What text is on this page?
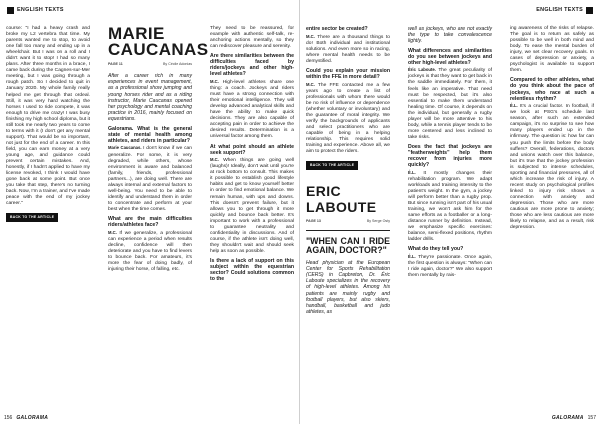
ENGLISH TEXTS

course: "I had a heavy crash and broke my L2 vertebra that time. My parents wanted me to stop, to avoid one fall too many and ending up in a wheelchair. But I was on a roll and I didn't want it to stop! I had so many plans. After three months in a brace, I came back during the Cagnes-sur-Mer meeting, but I was going through a rough patch. So I decided to quit in January 2020. My whole family really helped me get through that ordeal. Still, it was very hard watching the horses I used to ride compete, it was enough to drive me crazy! I was busy finishing my high school diploma, but it still took me nearly two years to come to terms with it (I don't get any mental support). That would be so important, not just for the end of a career. In this field, you can earn money at a very young age, and guidance could prevent certain mistakes. And, honestly, if I hadn't applied to have my license revoked, I think I would have gone back at some point. But once you take that step, there's no turning back. Now, I'm a trainer, and I've made peace with the end of my jockey career."

BACK TO THE ARTICLE
MARIE CAUCANAS
PAGE 11	By Cécile Adonias

After a career rich in many experiences in event management, as a professional show jumping and young horses rider and as a riding instructor, Marie Caucanas opened her psychology and mental coaching practice in 2016, mainly focused on equestrians.

Galorama. What is the general state of mental health among athletes, and riders in particular?

Marie Caucanas. I don't know if we can generalize. For some, it is very degraded, while others, whose environment is aware and balanced (family, friends, professional partners...), are doing well. There are always internal and external factors to well-being. You need to be able to identify and understand them in order to concentrate and perform at your best when the time comes.

What are the main difficulties riders/athletes face?

M.C. If we generalize, a professional can experience a period when results decline, confidence will then deteriorate and you have to find levers to bounce back. For amateurs, it's more the fear of doing badly, of injuring their horse, of falling, etc.

They need to be reassured, for example with authentic self-talk, re-anchoring actions mentally, so they can rediscover pleasure and serenity.

Are there similarities between the difficulties faced by riders/jockeys and other high-level athletes?

M.C. High-level athletes share one thing: a coach. Jockeys and riders must have a strong connection with their emotional intelligence. They will develop advanced analytical skills and have the ability to make quick decisions. They are also capable of accepting pain in order to achieve the desired results. Determination is a universal factor among them.

At what point should an athlete seek support?

M.C. When things are going well (laughs)! Ideally, don't wait until you're at rock bottom to consult. This makes it possible to establish good lifestyle habits and get to know yourself better in order to find emotional balance. We remain human, with ups and downs. This doesn't prevent failure, but it allows you to get through it more quickly and bounce back better. It's important to work with a professional to guarantee neutrality and confidentiality in discussions. And of course, if the athlete isn't doing well, they shouldn't wait and should seek help as soon as possible.

Is there a lack of support on this subject within the equestrian sector? Could solutions common to the
156 GALORAMA
ENGLISH TEXTS
entire sector be created?

M.C. There are a thousand things to do! Both individual and institutional solutions. And even more so in racing, where mental health needs to be demystified.

Could you explain your mission within the FFE in more detail?

M.C. The FFE contacted me a few years ago to create a list of professionals with whom there would be no risk of influence or dependence (whether voluntary or involuntary) and the guarantee of moral integrity. We verify the backgrounds of applicants and select practitioners who are capable of being in a helping relationship. This requires solid training and experience. Above all, we aim to protect the riders.

BACK TO THE ARTICLE
ERIC LABOUTE
PAGE 13	By Serge Osty
"WHEN CAN I RIDE AGAIN, DOCTOR?"

Head physician at the European Center for Sports Rehabilitation (CERS) in Capbreton, Dr. Éric Laboute specializes in the recovery of high-level athletes. Among his patients are mainly rugby and football players, but also skiers, handball, basketball and judo athletes, as

well as jockeys, who are not exactly the type to take convalescence lightly.

What differences and similarities do you see between jockeys and other high-level athletes?

Éric Laboute. The great peculiarity of jockeys is that they want to get back in the saddle immediately. For them, it feels like an imperative. That need must be respected, but it's also essential to make them understand healing time. Of course, it depends on the individual, but generally a rugby player will be more attentive to his body, while a tennis player tends to be more centered and less inclined to take risks.

Does the fact that jockeys are "featherweights" help them recover from injuries more quickly?

É.L. It mostly changes their rehabilitation program. We adapt workloads and training intensity to the patient's weight. In the gym, a jockey will perform better than a rugby prop. But since running isn't part of his usual training, we won't ask him for the same efforts as a footballer or a long-distance runner by definition. Instead, we emphasize specific exercises: balance, semi-flexed positions, rhythm ladder drills.

What do they tell you?

É.L. They're passionate. Once again, the first question is always: "When can I ride again, doctor?" We also support them mentally by rais-

ing awareness of the risks of relapse. The goal is to return as safely as possible to be well in both mind and body. To ease the mental burden of injury, we set clear recovery goals. In cases of depression or anxiety, a psychologist is available to support them.

Compared to other athletes, what do you think about the pace of jockeys, who race at such a relentless rhythm?

É.L. It's a crucial factor. In football, if we look at PSG's schedule last season, after such an extended campaign, it's no surprise to see how many players ended up in the infirmary. The question is: how far can you push the limits before the body suffers? Overall, federations, doctors and unions watch over this balance, but it's true that the jockey profession is subjected to intense schedules, sporting and financial pressures, all of which increase the risk of injury. A recent study on psychological profiles linked to injury risk shows a connection with anxiety and depression. Those who are more cautious are more prone to anxiety; those who are less cautious are more likely to relapse, and as a result, risk depression.

GALORAMA 157
